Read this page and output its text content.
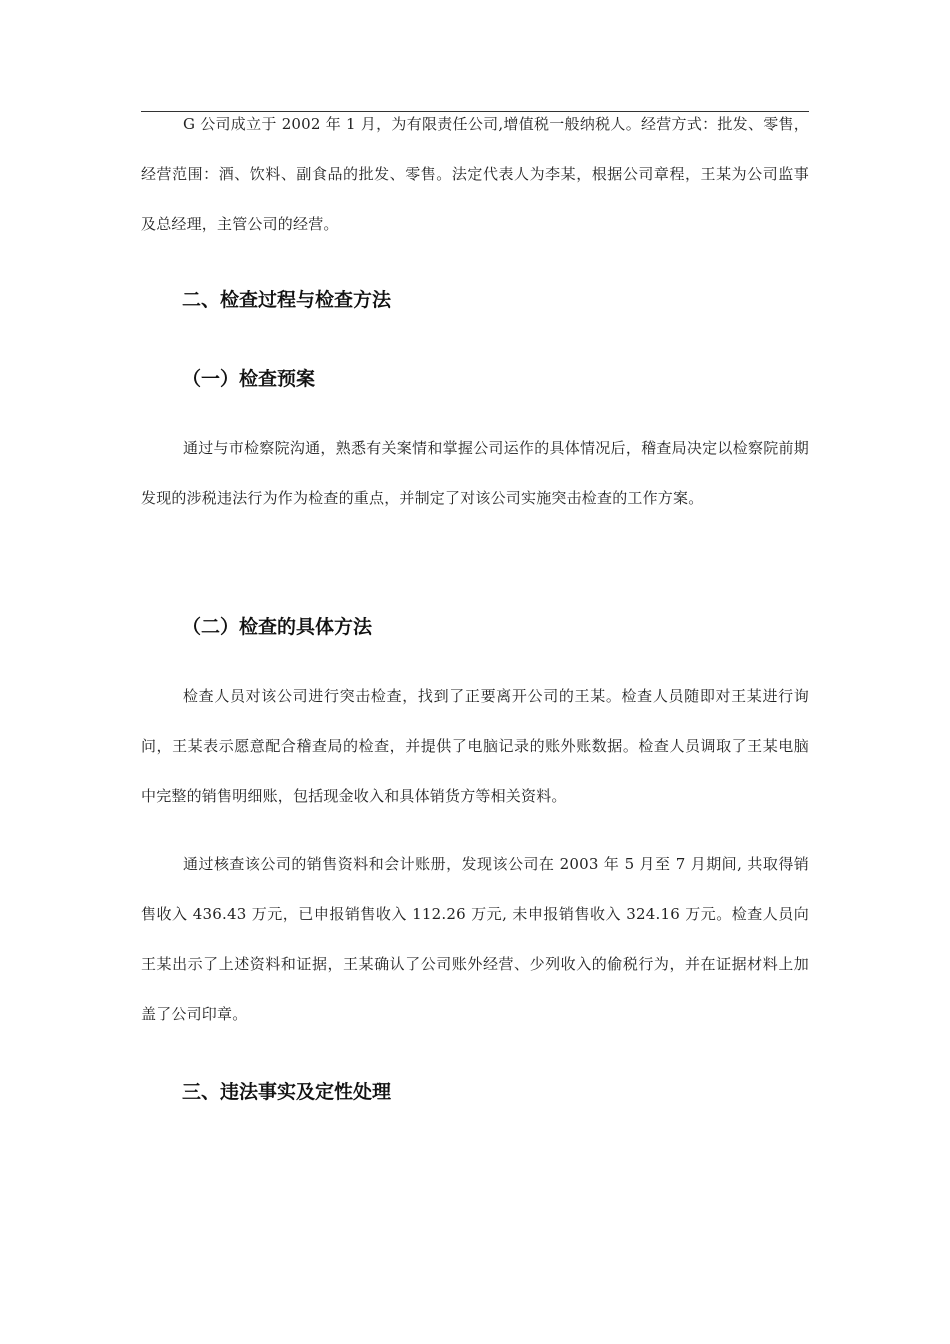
G 公司成立于 2002 年 1 月，为有限责任公司,增值税一般纳税人。经营方式：批发、零售，经营范围：酒、饮料、副食品的批发、零售。法定代表人为李某，根据公司章程，王某为公司监事及总经理，主管公司的经营。

二、检查过程与检查方法
（一）检查预案

通过与市检察院沟通，熟悉有关案情和掌握公司运作的具体情况后，稽查局决定以检察院前期发现的涉税违法行为作为检查的重点，并制定了对该公司实施突击检查的工作方案。

（二）检查的具体方法

检查人员对该公司进行突击检查，找到了正要离开公司的王某。检查人员随即对王某进行询问，王某表示愿意配合稽查局的检查，并提供了电脑记录的账外账数据。检查人员调取了王某电脑中完整的销售明细账，包括现金收入和具体销货方等相关资料。

通过核查该公司的销售资料和会计账册，发现该公司在 2003 年 5 月至 7 月期间, 共取得销售收入 436.43 万元，已申报销售收入 112.26 万元, 未申报销售收入 324.16 万元。检查人员向王某出示了上述资料和证据，王某确认了公司账外经营、少列收入的偷税行为，并在证据材料上加盖了公司印章。

三、违法事实及定性处理
